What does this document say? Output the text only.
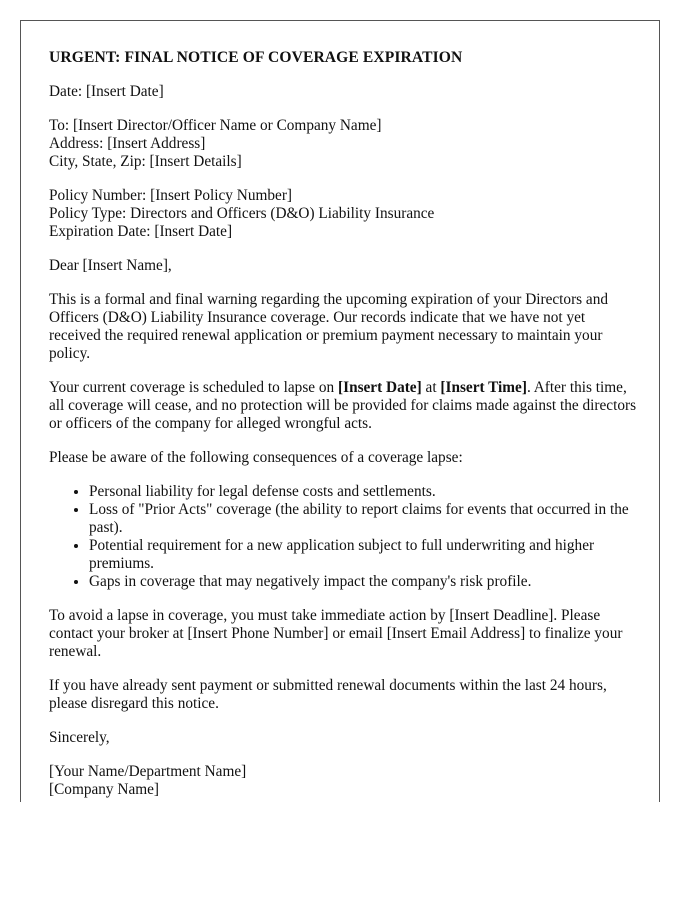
URGENT: FINAL NOTICE OF COVERAGE EXPIRATION

Date: [Insert Date]

To: [Insert Director/Officer Name or Company Name]
Address: [Insert Address]
City, State, Zip: [Insert Details]

Policy Number: [Insert Policy Number]
Policy Type: Directors and Officers (D&O) Liability Insurance
Expiration Date: [Insert Date]

Dear [Insert Name],

This is a formal and final warning regarding the upcoming expiration of your Directors and Officers (D&O) Liability Insurance coverage. Our records indicate that we have not yet received the required renewal application or premium payment necessary to maintain your policy.

Your current coverage is scheduled to lapse on [Insert Date] at [Insert Time]. After this time, all coverage will cease, and no protection will be provided for claims made against the directors or officers of the company for alleged wrongful acts.

Please be aware of the following consequences of a coverage lapse:

• Personal liability for legal defense costs and settlements.
• Loss of "Prior Acts" coverage (the ability to report claims for events that occurred in the past).
• Potential requirement for a new application subject to full underwriting and higher premiums.
• Gaps in coverage that may negatively impact the company's risk profile.

To avoid a lapse in coverage, you must take immediate action by [Insert Deadline]. Please contact your broker at [Insert Phone Number] or email [Insert Email Address] to finalize your renewal.

If you have already sent payment or submitted renewal documents within the last 24 hours, please disregard this notice.

Sincerely,

[Your Name/Department Name]
[Company Name]
